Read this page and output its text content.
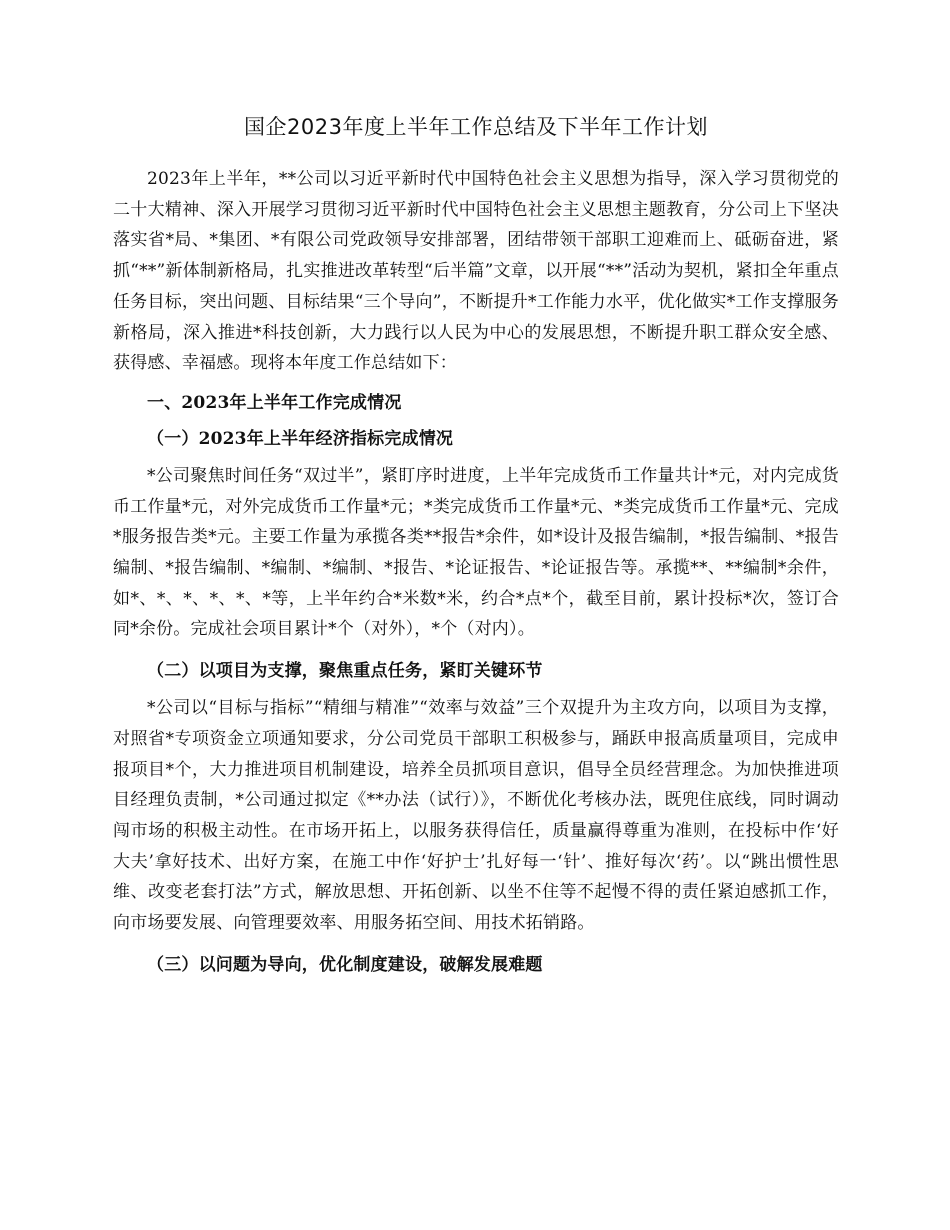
国企2023年度上半年工作总结及下半年工作计划

2023年上半年，**公司以习近平新时代中国特色社会主义思想为指导，深入学习贯彻党的二十大精神、深入开展学习贯彻习近平新时代中国特色社会主义思想主题教育，分公司上下坚决落实省*局、*集团、*有限公司党政领导安排部署，团结带领干部职工迎难而上、砥砺奋进，紧抓“**”新体制新格局，扎实推进改革转型“后半篇”文章，以开展“**”活动为契机，紧扣全年重点任务目标，突出问题、目标结果“三个导向”，不断提升*工作能力水平，优化做实*工作支撑服务新格局，深入推进*科技创新，大力践行以人民为中心的发展思想，不断提升职工群众安全感、获得感、幸福感。现将本年度工作总结如下：

一、2023年上半年工作完成情况
（一）2023年上半年经济指标完成情况

*公司聚焦时间任务“双过半”，紧盯序时进度，上半年完成货币工作量共计*元，对内完成货币工作量*元，对外完成货币工作量*元；*类完成货币工作量*元、*类完成货币工作量*元、完成*服务报告类*元。主要工作量为承揽各类**报告*余件，如*设计及报告编制，*报告编制、*报告编制、*报告编制、*编制、*编制、*报告、*论证报告、*论证报告等。承揽**、**编制*余件，如*、*、*、*、*、*等，上半年约合*米数*米，约合*点*个，截至目前，累计投标*次，签订合同*余份。完成社会项目累计*个（对外），*个（对内）。

（二）以项目为支撑，聚焦重点任务，紧盯关键环节

*公司以“目标与指标”“精细与精准”“效率与效益”三个双提升为主攻方向，以项目为支撑，对照省*专项资金立项通知要求，分公司党员干部职工积极参与，踊跃申报高质量项目，完成申报项目*个，大力推进项目机制建设，培养全员抓项目意识，倡导全员经营理念。为加快推进项目经理负责制，*公司通过拟定《**办法（试行）》，不断优化考核办法，既兜住底线，同时调动闯市场的积极主动性。在市场开拓上，以服务获得信任，质量赢得尊重为准则，在投标中作‘好大夫’拿好技术、出好方案，在施工中作‘好护士’扎好每一‘针’、推好每次‘药’。以“跳出惯性思维、改变老套打法”方式，解放思想、开拓创新、以坐不住等不起慢不得的责任紧迫感抓工作，向市场要发展、向管理要效率、用服务拓空间、用技术拓销路。

（三）以问题为导向，优化制度建设，破解发展难题
